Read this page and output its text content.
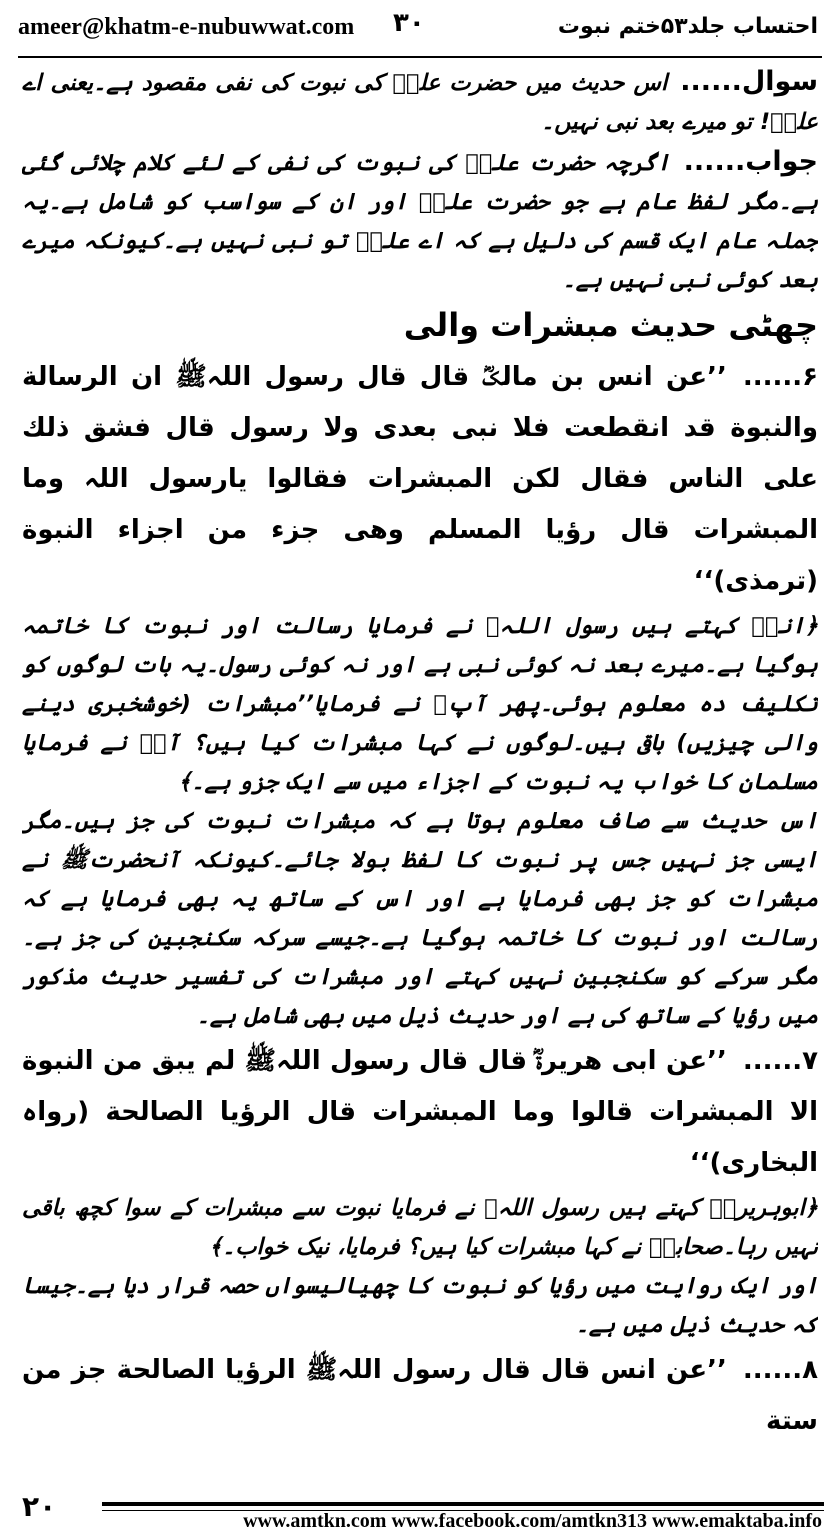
ameer@khatm-e-nubuwwat.com ۳۰	احتساب جلد۵۳ختم نبوت

سوال...... اس حدیث میں حضرت علیؓ کی نبوت کی نفی مقصود ہے۔یعنی اے علیؓ! تو میرے بعد نبی نہیں۔

جواب...... اگرچہ حضرت علیؓ کی نبوت کی نفی کے لئے کلام چلائی گئی ہے۔مگر لفظ عام ہے جو حضرت علیؓ اور ان کے سواسب کو شامل ہے۔یہ جملہ عام ایک قسم کی دلیل ہے کہ اے علیؓ تو نبی نہیں ہے۔کیونکہ میرے بعد کوئی نبی نہیں ہے۔

چھٹی حدیث مبشرات والی

۶......’’عن انس بن مالکؓ قال قال رسول اللہﷺ ان الرسالة والنبوة قد انقطعت فلا نبی بعدی ولا رسول قال فشق ذلك علی الناس فقال لكن المبشرات فقالوا یارسول اللہ وما المبشرات قال رؤیا المسلم وھی جزء من اجزاء النبوة (ترمذی)‘‘

﴿انسؓ کہتے ہیں رسول اللہﷺ نے فرمایا رسالت اور نبوت کا خاتمہ ہوگیا ہے۔میرے بعد نہ کوئی نبی ہے اور نہ کوئی رسول۔یہ بات لوگوں کو تکلیف دہ معلوم ہوئی۔پھر آپﷺ نے فرمایا’’مبشرات (خوشخبری دینے والی چیزیں) باقی ہیں۔لوگوں نے کہا مبشرات کیا ہیں؟ آپؐ نے فرمایا مسلمان کا خواب یہ نبوت کے اجزاء میں سے ایک جزو ہے۔﴾

اس حدیث سے صاف معلوم ہوتا ہے کہ مبشرات نبوت کی جز ہیں۔مگر ایسی جز نہیں جس پر نبوت کا لفظ بولا جائے۔کیونکہ آنحضرتﷺ نے مبشرات کو جز بھی فرمایا ہے اور اس کے ساتھ یہ بھی فرمایا ہے کہ رسالت اور نبوت کا خاتمہ ہوگیا ہے۔جیسے سرکہ سکنجبین کی جز ہے۔مگر سرکے کو سکنجبین نہیں کہتے اور مبشرات کی تفسیر حدیث مذکور میں رؤیا کے ساتھ کی ہے اور حدیث ذیل میں بھی شامل ہے۔

۷......’’عن ابی ھریرةؓ قال قال رسول اللہﷺ لم یبق من النبوة الا المبشرات قالوا وما المبشرات قال الرؤیا الصالحة (رواہ البخاری)‘‘

﴿ابوہریرہؓ کہتے ہیں رسول اللہﷺ نے فرمایا نبوت سے مبشرات کے سوا کچھ باقی نہیں رہا۔صحابہؓ نے کہا مبشرات کیا ہیں؟ فرمایا، نیک خواب۔﴾

اور ایک روایت میں رؤیا کو نبوت کا چھیالیسواں حصہ قرار دیا ہے۔جیسا کہ حدیث ذیل میں ہے۔

۸......’’عن انس قال قال رسول اللہﷺ الرؤیا الصالحة جز من ستة

۲۰	www.amtkn.com www.facebook.com/amtkn313 www.emaktaba.info
